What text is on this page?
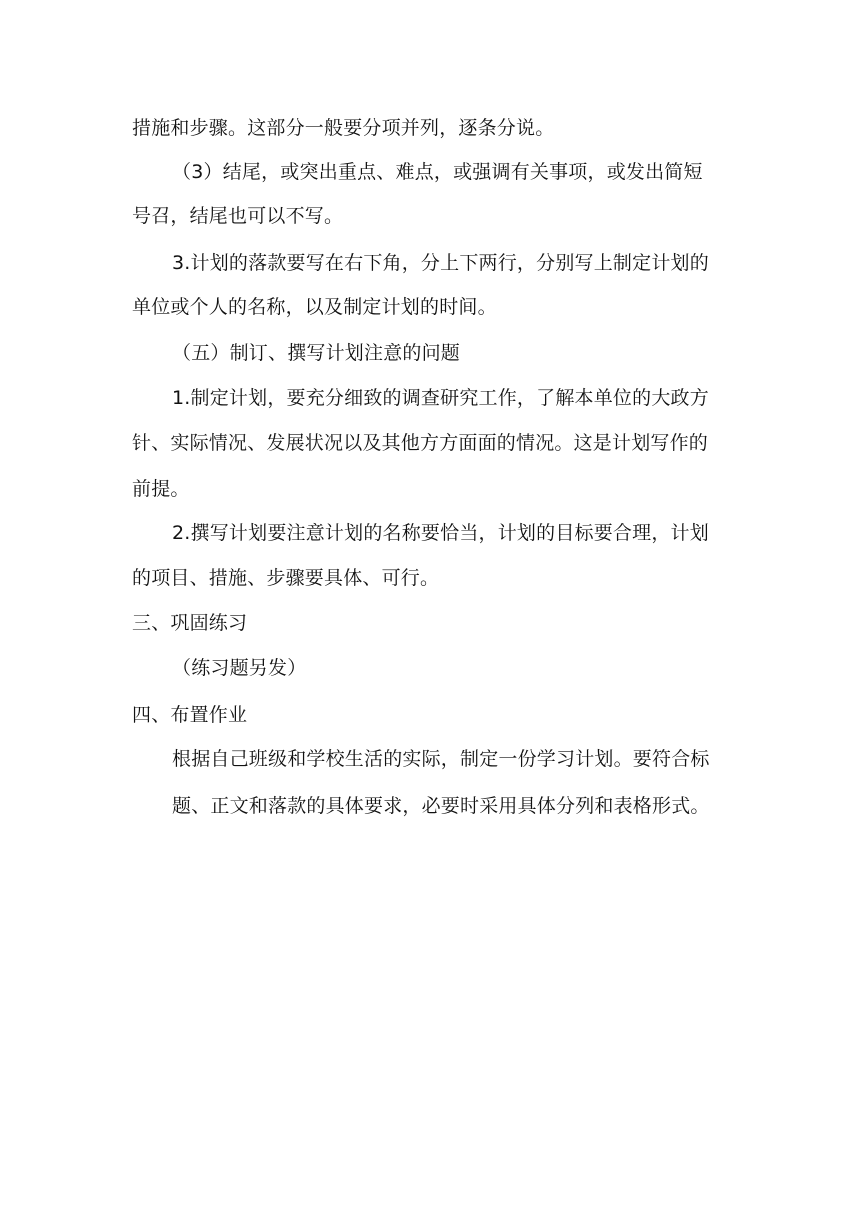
措施和步骤。这部分一般要分项并列，逐条分说。
（3）结尾，或突出重点、难点，或强调有关事项，或发出简短
号召，结尾也可以不写。
3.计划的落款要写在右下角，分上下两行，分别写上制定计划的
单位或个人的名称，以及制定计划的时间。
（五）制订、撰写计划注意的问题
1.制定计划，要充分细致的调查研究工作，了解本单位的大政方
针、实际情况、发展状况以及其他方方面面的情况。这是计划写作的
前提。
2.撰写计划要注意计划的名称要恰当，计划的目标要合理，计划
的项目、措施、步骤要具体、可行。
三、巩固练习
（练习题另发）
四、布置作业
根据自己班级和学校生活的实际，制定一份学习计划。要符合标
题、正文和落款的具体要求，必要时采用具体分列和表格形式。
